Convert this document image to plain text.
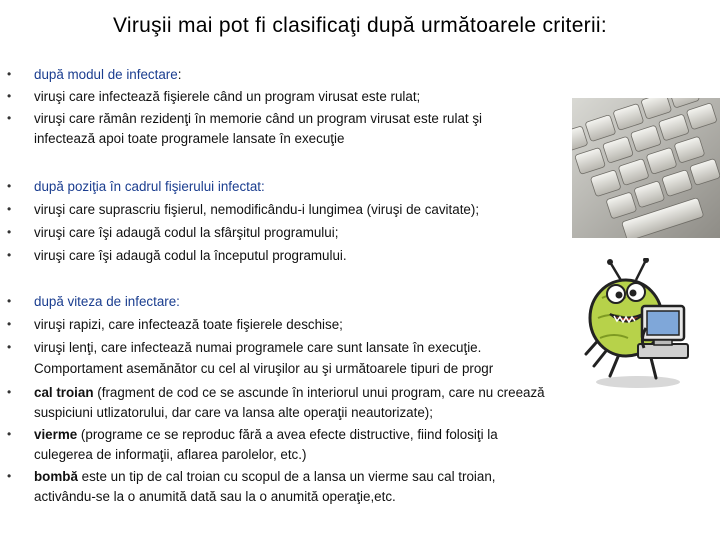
Viruşii mai pot fi clasificaţi după următoarele criterii:
•
•
•
după modul de infectare:
viruşi care infectează fişierele când un program virusat este rulat;
viruşi care rămân rezidenţi în memorie când un program virusat este rulat şi
infectează apoi toate programele lansate în execuţie
•
•
•
•
după poziţia în cadrul fişierului infectat:
viruşi care suprascriu fişierul, nemodificându-i lungimea (viruşi de cavitate);
viruşi care îşi adaugă codul la sfârşitul programului;
viruşi care îşi adaugă codul la începutul programului.
•
•
•
•
•
•
după viteza de infectare:
viruşi rapizi, care infectează toate fişierele deschise;
viruşi lenţi, care infectează numai programele care sunt lansate în execuţie.
Comportament asemănător cu cel al viruşilor au şi următoarele tipuri de progr
cal troian (fragment de cod ce se ascunde în interiorul unui program, care nu creează
suspiciuni utlizatorului, dar care va lansa alte operaţii neautorizate);
vierme (programe ce se reproduc fără a avea efecte distructive, fiind folosiţi la
culegerea de informaţii, aflarea parolelor, etc.)
bombă este un tip de cal troian cu scopul de a lansa un vierme sau cal troian,
activându-se la o anumită dată sau la o anumită operaţie,etc.
